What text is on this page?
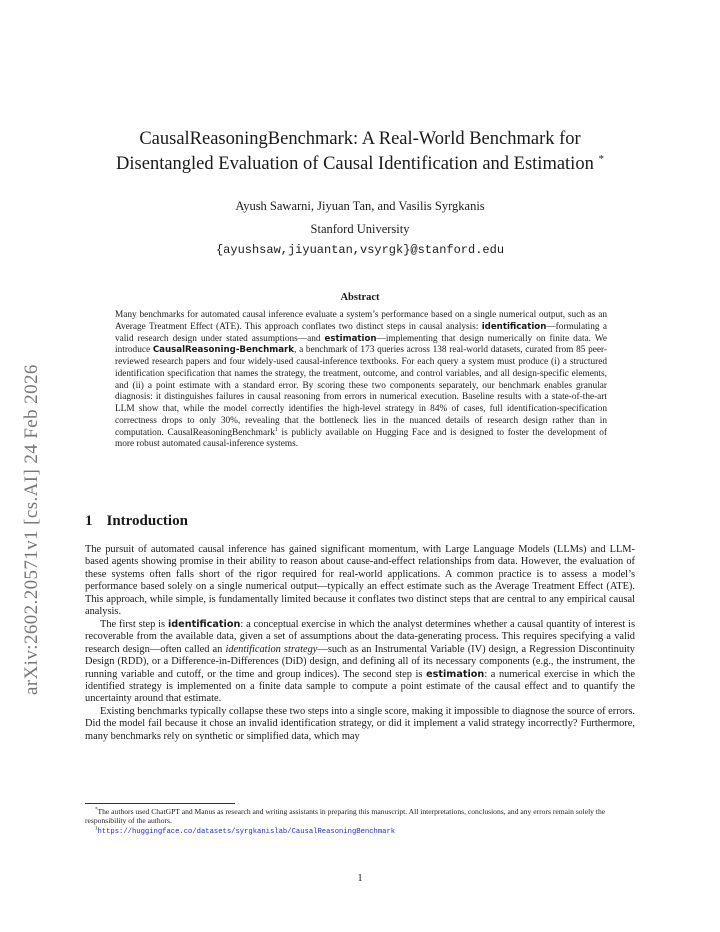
arXiv:2602.20571v1 [cs.AI] 24 Feb 2026
CausalReasoningBenchmark: A Real-World Benchmark for
Disentangled Evaluation of Causal Identification and Estimation *
Ayush Sawarni, Jiyuan Tan, and Vasilis Syrgkanis
Stanford University
{ayushsaw,jiyuantan,vsyrgk}@stanford.edu
Abstract

Many benchmarks for automated causal inference evaluate a system’s performance based on a single numerical output, such as an Average Treatment Effect (ATE). This approach conflates two distinct steps in causal analysis: identification—formulating a valid research design under stated assumptions—and estimation—implementing that design numerically on finite data. We introduce CausalReasoning-Benchmark, a benchmark of 173 queries across 138 real-world datasets, curated from 85 peer-reviewed research papers and four widely-used causal-inference textbooks. For each query a system must produce (i) a structured identification specification that names the strategy, the treatment, outcome, and control variables, and all design-specific elements, and (ii) a point estimate with a standard error. By scoring these two components separately, our benchmark enables granular diagnosis: it distinguishes failures in causal reasoning from errors in numerical execution. Baseline results with a state-of-the-art LLM show that, while the model correctly identifies the high-level strategy in 84% of cases, full identification-specification correctness drops to only 30%, revealing that the bottleneck lies in the nuanced details of research design rather than in computation. CausalReasoningBenchmark$^1$ is publicly available on Hugging Face and is designed to foster the development of more robust automated causal-inference systems.

1 Introduction

The pursuit of automated causal inference has gained significant momentum, with Large Language Models (LLMs) and LLM-based agents showing promise in their ability to reason about cause-and-effect relationships from data. However, the evaluation of these systems often falls short of the rigor required for real-world applications. A common practice is to assess a model’s performance based solely on a single numerical output—typically an effect estimate such as the Average Treatment Effect (ATE). This approach, while simple, is fundamentally limited because it conflates two distinct steps that are central to any empirical causal analysis.

The first step is identification: a conceptual exercise in which the analyst determines whether a causal quantity of interest is recoverable from the available data, given a set of assumptions about the data-generating process. This requires specifying a valid research design—often called an identification strategy—such as an Instrumental Variable (IV) design, a Regression Discontinuity Design (RDD), or a Difference-in-Differences (DiD) design, and defining all of its necessary components (e.g., the instrument, the running variable and cutoff, or the time and group indices). The second step is estimation: a numerical exercise in which the identified strategy is implemented on a finite data sample to compute a point estimate of the causal effect and to quantify the uncertainty around that estimate.

Existing benchmarks typically collapse these two steps into a single score, making it impossible to diagnose the source of errors. Did the model fail because it chose an invalid identification strategy, or did it implement a valid strategy incorrectly? Furthermore, many benchmarks rely on synthetic or simplified data, which may

*The authors used ChatGPT and Manus as research and writing assistants in preparing this manuscript. All interpretations, conclusions, and any errors remain solely the responsibility of the authors.

$^1$https://huggingface.co/datasets/syrgkanislab/CausalReasoningBenchmark

1
